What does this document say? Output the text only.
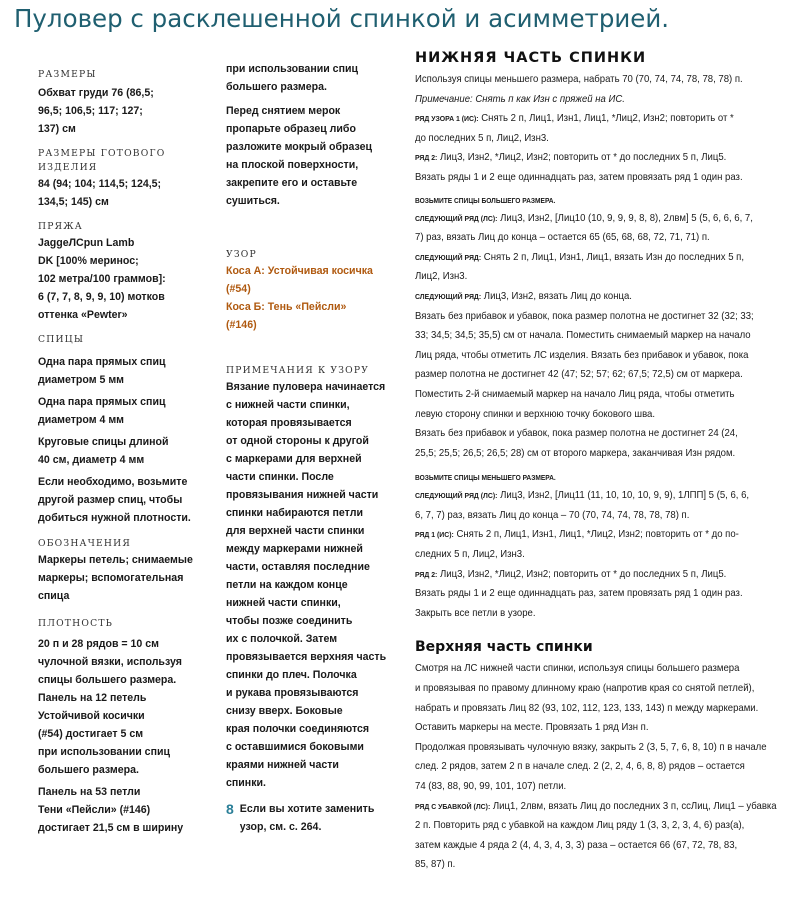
Пуловер с расклешенной спинкой и асимметрией.
РАЗМЕРЫ

Обхват груди 76 (86,5;
96,5; 106,5; 117; 127;
137) см

РАЗМЕРЫ ГОТОВОГО
ИЗДЕЛИЯ

84 (94; 104; 114,5; 124,5;
134,5; 145) см

ПРЯЖА

JaggeЛCpun Lamb
DK [100% меринос;
102 метра/100 граммов]:
6 (7, 7, 8, 9, 9, 10) мотков
оттенка «Pewter»

СПИЦЫ

Одна пара прямых спиц
диаметром 5 мм

Одна пара прямых спиц
диаметром 4 мм

Круговые спицы длиной
40 см, диаметр 4 мм

Если необходимо, возьмите
другой размер спиц, чтобы
добиться нужной плотности.

ОБОЗНАЧЕНИЯ

Маркеры петель; снимаемые
маркеры; вспомогательная
спица

ПЛОТНОСТЬ

20 п и 28 рядов = 10 см
чулочной вязки, используя
спицы большего размера.

Панель на 12 петель
Устойчивой косички
(#54) достигает 5 см
при использовании спиц
большего размера.

Панель на 53 петли
Тени «Пейсли» (#146)
достигает 21,5 см в ширину

при использовании спиц
большего размера.

Перед снятием мерок
пропарьте образец либо
разложите мокрый образец
на плоской поверхности,
закрепите его и оставьте
сушиться.

УЗОР

Коса А: Устойчивая косичка
(#54)

Коса Б: Тень «Пейсли»
(#146)

ПРИМЕЧАНИЯ К УЗОРУ

Вязание пуловера начинается
с нижней части спинки,
которая провязывается
от одной стороны к другой
с маркерами для верхней
части спинки. После
провязывания нижней части
спинки набираются петли
для верхней части спинки
между маркерами нижней
части, оставляя последние
петли на каждом конце
нижней части спинки,
чтобы позже соединить
их с полочкой. Затем
провязывается верхняя часть
спинки до плеч. Полочка
и рукава провязываются
снизу вверх. Боковые
края полочки соединяются
с оставшимися боковыми
краями нижней части
спинки.

8 Если вы хотите заменить
узор, см. с. 264.

НИЖНЯЯ ЧАСТЬ СПИНКИ

Используя спицы меньшего размера, набрать 70 (70, 74, 74, 78, 78, 78) п.

Примечание: Снять п как Изн с пряжей на ИС.

РЯД УЗОРА 1 (ИС): Снять 2 п, Лиц1, Изн1, Лиц1, *Лиц2, Изн2; повторить от *
до последних 5 п, Лиц2, Изн3.

РЯД 2: Лиц3, Изн2, *Лиц2, Изн2; повторить от * до последних 5 п, Лиц5.

Вязать ряды 1 и 2 еще одиннадцать раз, затем провязать ряд 1 один раз.

ВОЗЬМИТЕ СПИЦЫ БОЛЬШЕГО РАЗМЕРА.

СЛЕДУЮЩИЙ РЯД (ЛС): Лиц3, Изн2, [Лиц10 (10, 9, 9, 9, 8, 8), 2лвм] 5 (5, 6, 6, 6, 7,
7) раз, вязать Лиц до конца – остается 65 (65, 68, 68, 72, 71, 71) п.

СЛЕДУЮЩИЙ РЯД: Снять 2 п, Лиц1, Изн1, Лиц1, вязать Изн до последних 5 п,
Лиц2, Изн3.

СЛЕДУЮЩИЙ РЯД: Лиц3, Изн2, вязать Лиц до конца.

Вязать без прибавок и убавок, пока размер полотна не достигнет 32 (32; 33;
33; 34,5; 34,5; 35,5) см от начала. Поместить снимаемый маркер на начало
Лиц ряда, чтобы отметить ЛС изделия. Вязать без прибавок и убавок, пока
размер полотна не достигнет 42 (47; 52; 57; 62; 67,5; 72,5) см от маркера.
Поместить 2-й снимаемый маркер на начало Лиц ряда, чтобы отметить
левую сторону спинки и верхнюю точку бокового шва.
Вязать без прибавок и убавок, пока размер полотна не достигнет 24 (24,
25,5; 25,5; 26,5; 26,5; 28) см от второго маркера, заканчивая Изн рядом.

ВОЗЬМИТЕ СПИЦЫ МЕНЬШЕГО РАЗМЕРА.

СЛЕДУЮЩИЙ РЯД (ЛС): Лиц3, Изн2, [Лиц11 (11, 10, 10, 10, 9, 9), 1ЛПП] 5 (5, 6, 6,
6, 7, 7) раз, вязать Лиц до конца – 70 (70, 74, 74, 78, 78, 78) п.

РЯД 1 (ИС): Снять 2 п, Лиц1, Изн1, Лиц1, *Лиц2, Изн2; повторить от * до по-
следних 5 п, Лиц2, Изн3.

РЯД 2: Лиц3, Изн2, *Лиц2, Изн2; повторить от * до последних 5 п, Лиц5.

Вязать ряды 1 и 2 еще одиннадцать раз, затем провязать ряд 1 один раз.
Закрыть все петли в узоре.

Верхняя часть спинки

Смотря на ЛС нижней части спинки, используя спицы большего размера
и провязывая по правому длинному краю (напротив края со снятой петлей),
набрать и провязать Лиц 82 (93, 102, 112, 123, 133, 143) п между маркерами.
Оставить маркеры на месте. Провязать 1 ряд Изн п.
Продолжая провязывать чулочную вязку, закрыть 2 (3, 5, 7, 6, 8, 10) п в начале
след. 2 рядов, затем 2 п в начале след. 2 (2, 2, 4, 6, 8, 8) рядов – остается
74 (83, 88, 90, 99, 101, 107) петли.

РЯД С УБАВКОЙ (ЛС): Лиц1, 2лвм, вязать Лиц до последних 3 п, ссЛиц, Лиц1 – убавка
2 п. Повторить ряд с убавкой на каждом Лиц ряду 1 (3, 3, 2, 3, 4, 6) раз(а),
затем каждые 4 ряда 2 (4, 4, 3, 4, 3, 3) раза – остается 66 (67, 72, 78, 83,
85, 87) п.
